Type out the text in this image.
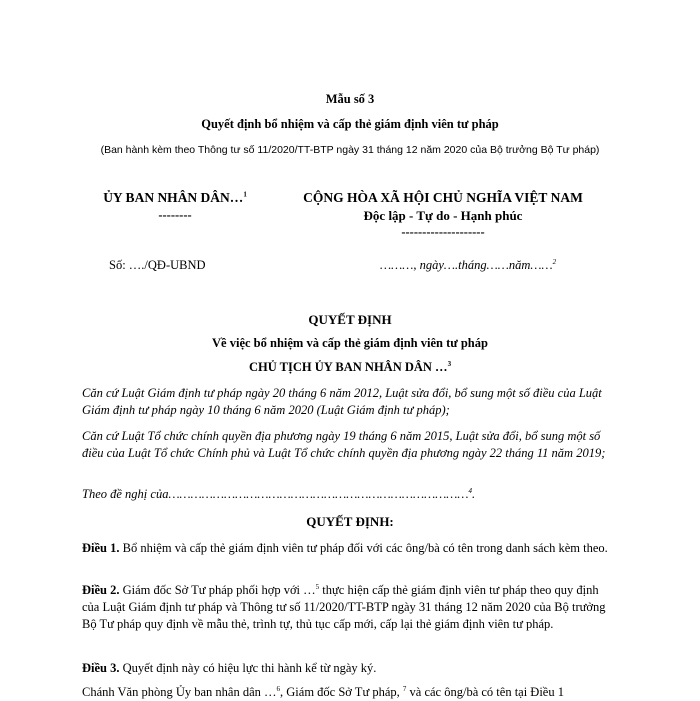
Mẫu số 3
Quyết định bổ nhiệm và cấp thẻ giám định viên tư pháp
(Ban hành kèm theo Thông tư số 11/2020/TT-BTP ngày 31 tháng 12 năm 2020 của Bộ trưởng Bộ Tư pháp)
ỦY BAN NHÂN DÂN…$^1$
--------
CỘNG HÒA XÃ HỘI CHỦ NGHĨA VIỆT NAM
Độc lập - Tự do - Hạnh phúc
--------------------
Số: …./QĐ-UBND	………, ngày….tháng……năm……$^2$
QUYẾT ĐỊNH
Về việc bổ nhiệm và cấp thẻ giám định viên tư pháp
CHỦ TỊCH ỦY BAN NHÂN DÂN …$^3$
Căn cứ Luật Giám định tư pháp ngày 20 tháng 6 năm 2012, Luật sửa đổi, bổ sung một số điều của Luật Giám định tư pháp ngày 10 tháng 6 năm 2020 (Luật Giám định tư pháp);
Căn cứ Luật Tổ chức chính quyền địa phương ngày 19 tháng 6 năm 2015, Luật sửa đổi, bổ sung một số điều của Luật Tổ chức Chính phủ và Luật Tổ chức chính quyền địa phương ngày 22 tháng 11 năm 2019;
Theo đề nghị của………………………………………………………………………$^4$.
QUYẾT ĐỊNH:
Điều 1. Bổ nhiệm và cấp thẻ giám định viên tư pháp đối với các ông/bà có tên trong danh sách kèm theo.
Điều 2. Giám đốc Sở Tư pháp phối hợp với …$^5$ thực hiện cấp thẻ giám định viên tư pháp theo quy định của Luật Giám định tư pháp và Thông tư số 11/2020/TT-BTP ngày 31 tháng 12 năm 2020 của Bộ trưởng Bộ Tư pháp quy định về mẫu thẻ, trình tự, thủ tục cấp mới, cấp lại thẻ giám định viên tư pháp.
Điều 3. Quyết định này có hiệu lực thi hành kể từ ngày ký.
Chánh Văn phòng Ủy ban nhân dân …$^6$, Giám đốc Sở Tư pháp, $^7$ và các ông/bà có tên tại Điều 1
